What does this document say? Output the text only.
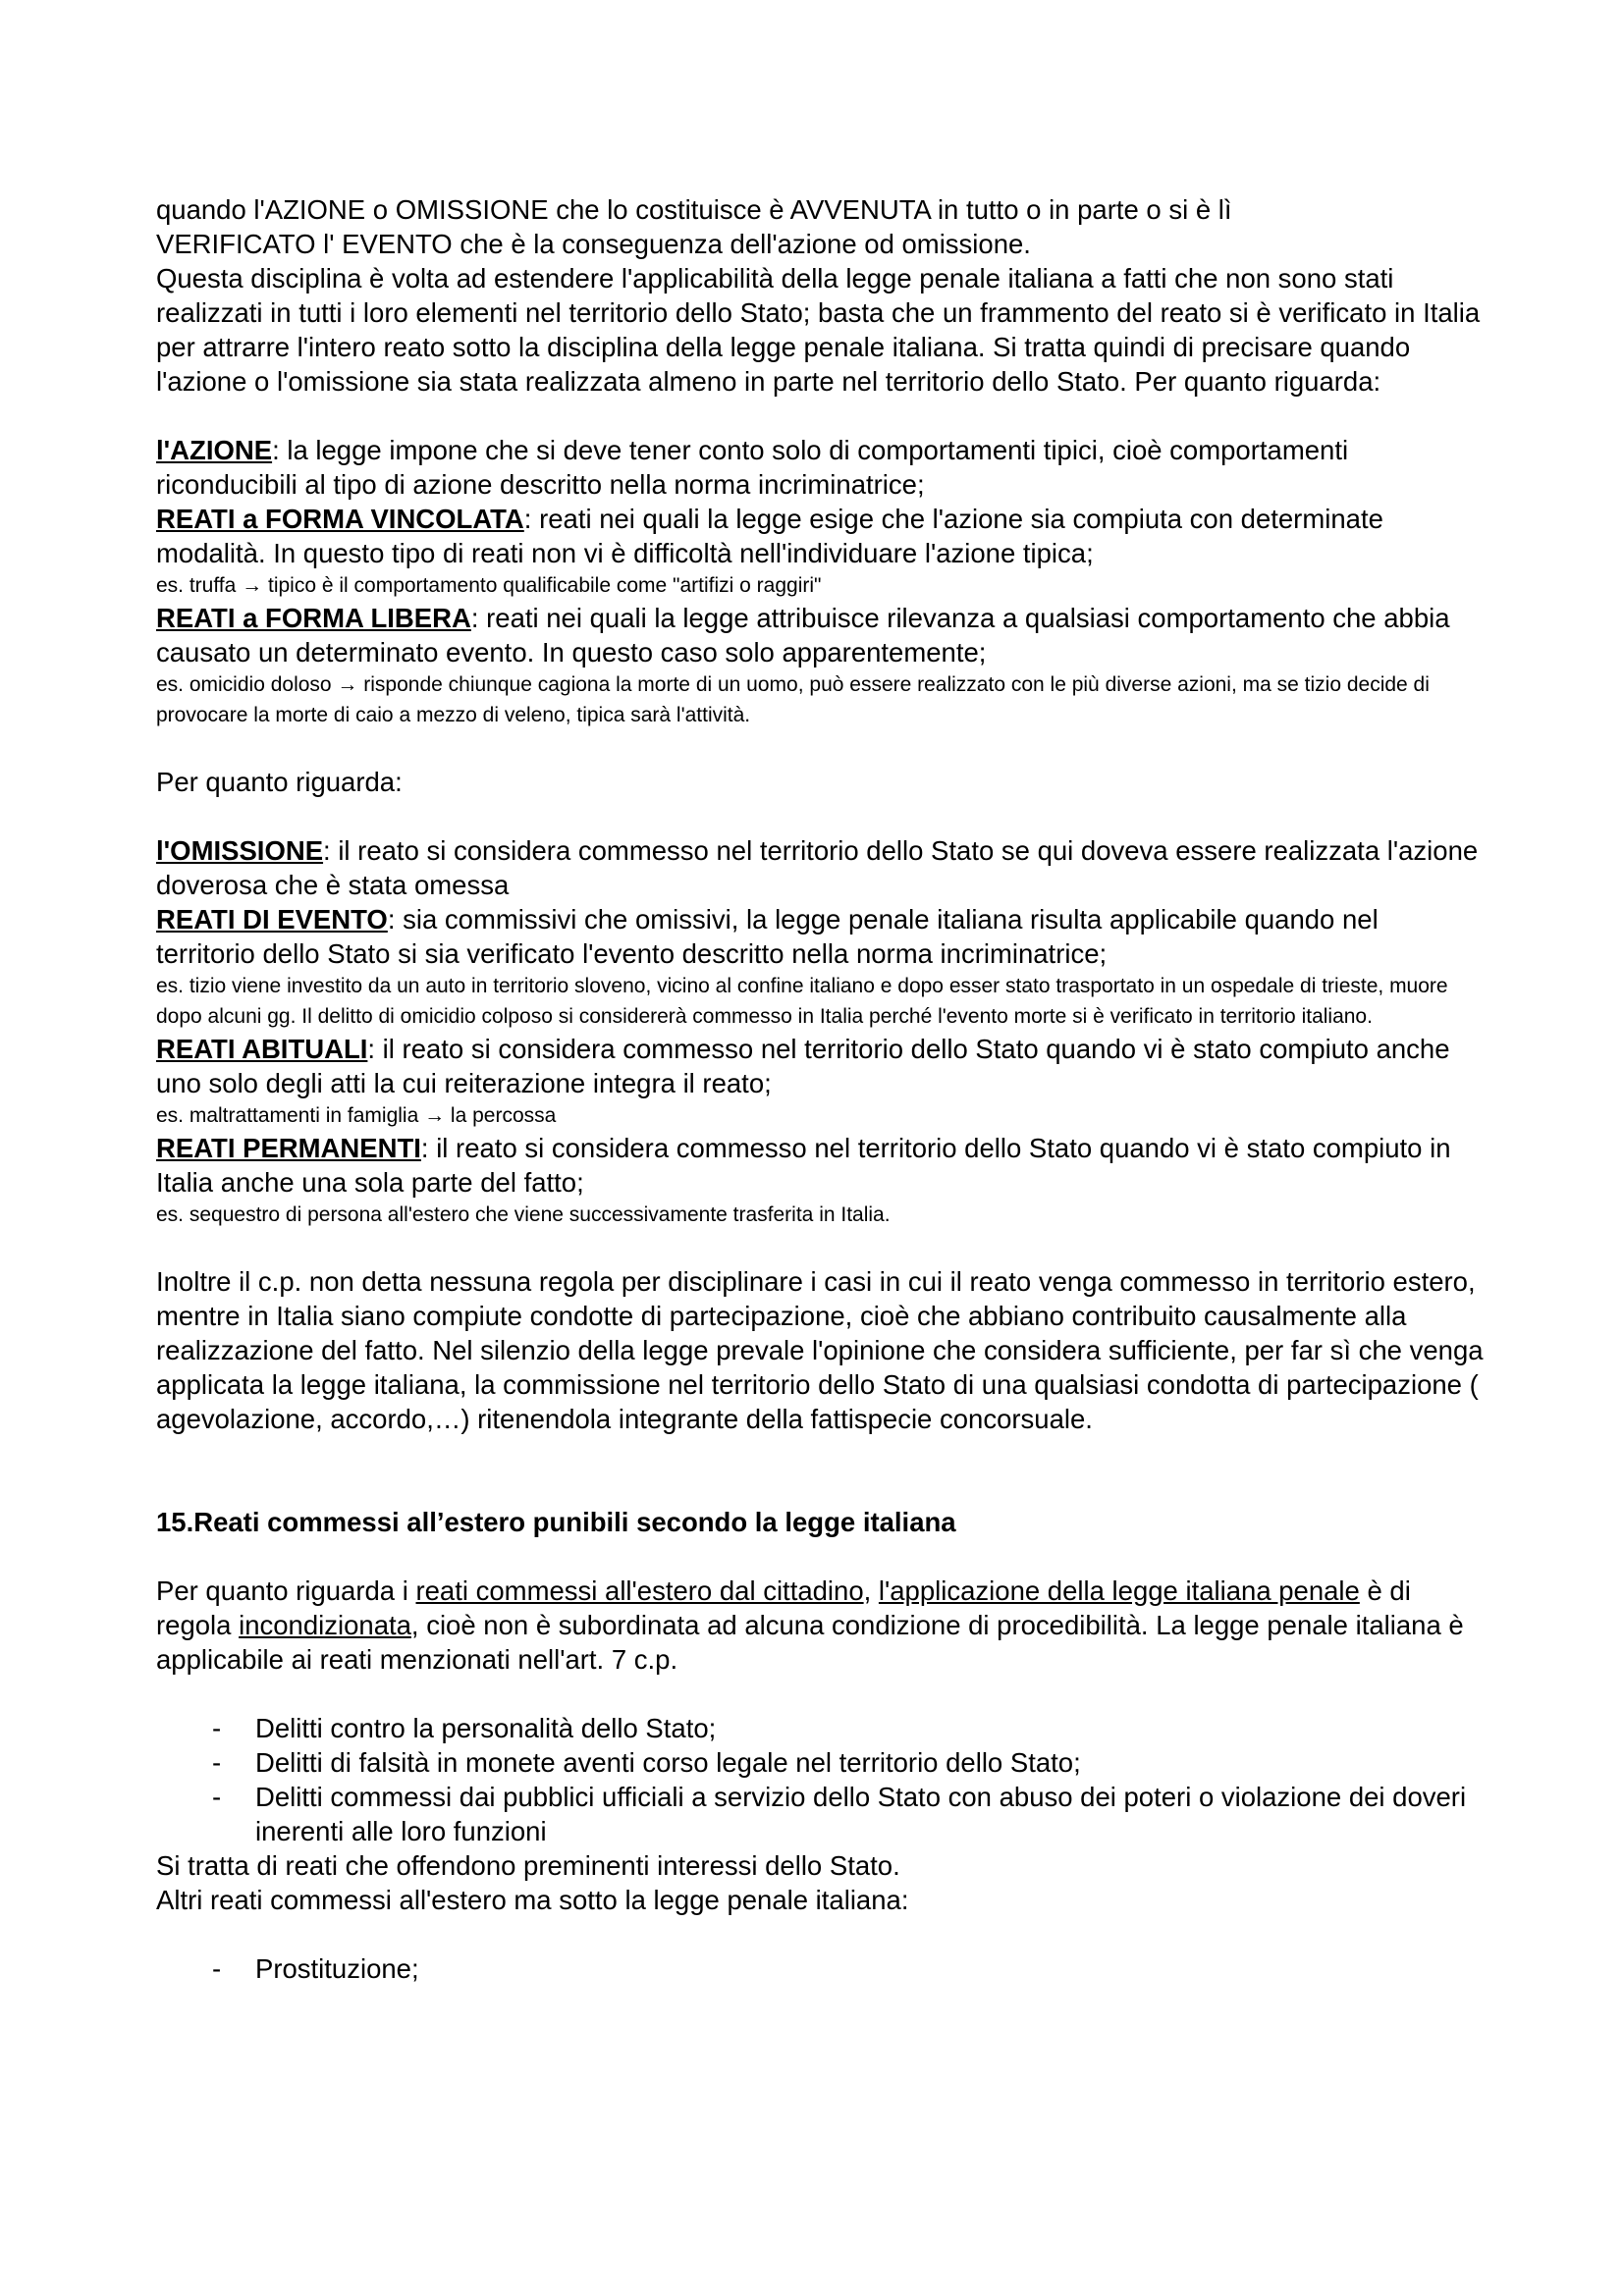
quando l'AZIONE o OMISSIONE che lo costituisce è AVVENUTA in tutto o in parte o si è lì

VERIFICATO l' EVENTO che è la conseguenza dell'azione od omissione.

Questa disciplina è volta ad estendere l'applicabilità della legge penale italiana a fatti che non sono stati realizzati in tutti i loro elementi nel territorio dello Stato; basta che un frammento del reato si è verificato in Italia per attrarre l'intero reato sotto la disciplina della legge penale italiana. Si tratta quindi di precisare quando l'azione o l'omissione sia stata realizzata almeno in parte nel territorio dello Stato. Per quanto riguarda:

l'AZIONE: la legge impone che si deve tener conto solo di comportamenti tipici, cioè comportamenti riconducibili al tipo di azione descritto nella norma incriminatrice;

REATI a FORMA VINCOLATA: reati nei quali la legge esige che l'azione sia compiuta con determinate modalità. In questo tipo di reati non vi è difficoltà nell'individuare l'azione tipica;

es. truffa → tipico è il comportamento qualificabile come "artifizi o raggiri"

REATI a FORMA LIBERA: reati nei quali la legge attribuisce rilevanza a qualsiasi comportamento che abbia causato un determinato evento. In questo caso solo apparentemente;

es. omicidio doloso → risponde chiunque cagiona la morte di un uomo, può essere realizzato con le più diverse azioni, ma se tizio decide di provocare la morte di caio a mezzo di veleno, tipica sarà l'attività.

Per quanto riguarda:

l'OMISSIONE: il reato si considera commesso nel territorio dello Stato se qui doveva essere realizzata l'azione doverosa che è stata omessa

REATI DI EVENTO: sia commissivi che omissivi, la legge penale italiana risulta applicabile quando nel territorio dello Stato si sia verificato l'evento descritto nella norma incriminatrice;

es. tizio viene investito da un auto in territorio sloveno, vicino al confine italiano e dopo esser stato trasportato in un ospedale di trieste, muore dopo alcuni gg. Il delitto di omicidio colposo si considererà commesso in Italia perché l'evento morte si è verificato in territorio italiano.

REATI ABITUALI: il reato si considera commesso nel territorio dello Stato quando vi è stato compiuto anche uno solo degli atti la cui reiterazione integra il reato;

es. maltrattamenti in famiglia → la percossa

REATI PERMANENTI: il reato si considera commesso nel territorio dello Stato quando vi è stato compiuto in Italia anche una sola parte del fatto;

es. sequestro di persona all'estero che viene successivamente trasferita in Italia.

Inoltre il c.p. non detta nessuna regola per disciplinare i casi in cui il reato venga commesso in territorio estero, mentre in Italia siano compiute condotte di partecipazione, cioè che abbiano contribuito causalmente alla realizzazione del fatto. Nel silenzio della legge prevale l'opinione che considera sufficiente, per far sì che venga applicata la legge italiana, la commissione nel territorio dello Stato di una qualsiasi condotta di partecipazione ( agevolazione, accordo,…) ritenendola integrante della fattispecie concorsuale.

15.Reati commessi all’estero punibili secondo la legge italiana

Per quanto riguarda i reati commessi all'estero dal cittadino, l'applicazione della legge italiana penale è di regola incondizionata, cioè non è subordinata ad alcuna condizione di procedibilità. La legge penale italiana è applicabile ai reati menzionati nell'art. 7 c.p.

- Delitti contro la personalità dello Stato;

- Delitti di falsità in monete aventi corso legale nel territorio dello Stato;

- Delitti commessi dai pubblici ufficiali a servizio dello Stato con abuso dei poteri o violazione dei doveri inerenti alle loro funzioni

Si tratta di reati che offendono preminenti interessi dello Stato.

Altri reati commessi all'estero ma sotto la legge penale italiana:

- Prostituzione;
